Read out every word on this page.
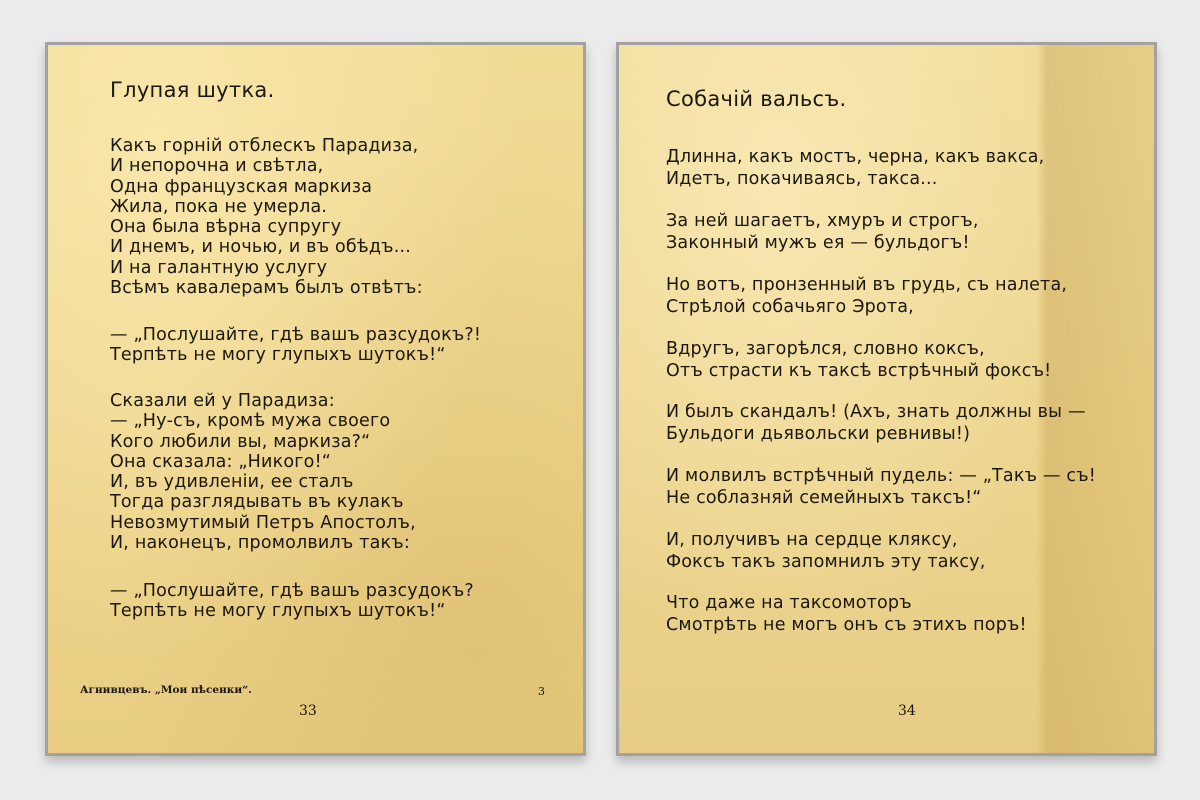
Глупая шутка.
Какъ горній отблескъ Парадиза,
И непорочна и свѣтла,
Одна французская маркиза
Жила, пока не умерла.
Она была вѣрна супругу
И днемъ, и ночью, и въ обѣдъ...
И на галантную услугу
Всѣмъ кавалерамъ былъ отвѣтъ:
— „Послушайте, гдѣ вашъ разсудокъ?!
Терпѣть не могу глупыхъ шутокъ!“
Сказали ей у Парадиза:
— „Ну-съ, кромѣ мужа своего
Кого любили вы, маркиза?“
Она сказала: „Никого!“
И, въ удивленіи, ее сталъ
Тогда разглядывать въ кулакъ
Невозмутимый Петръ Апостолъ,
И, наконецъ, промолвилъ такъ:
— „Послушайте, гдѣ вашъ разсудокъ?
Терпѣть не могу глупыхъ шутокъ!“
Агнивцевъ. „Мои пѣсенки“.	3
33
Собачій вальсъ.
Длинна, какъ мостъ, черна, какъ вакса,
Идетъ, покачиваясь, такса...
За ней шагаетъ, хмуръ и строгъ,
Законный мужъ ея — бульдогъ!
Но вотъ, пронзенный въ грудь, съ налета,
Стрѣлой собачьяго Эрота,
Вдругъ, загорѣлся, словно коксъ,
Отъ страсти къ таксѣ встрѣчный фоксъ!
И былъ скандалъ! (Ахъ, знать должны вы —
Бульдоги дьявольски ревнивы!)
И молвилъ встрѣчный пудель: — „Такъ — съ!
Не соблазняй семейныхъ таксъ!“
И, получивъ на сердце кляксу,
Фоксъ такъ запомнилъ эту таксу,
Что даже на таксомоторъ
Смотрѣть не могъ онъ съ этихъ поръ!
34
